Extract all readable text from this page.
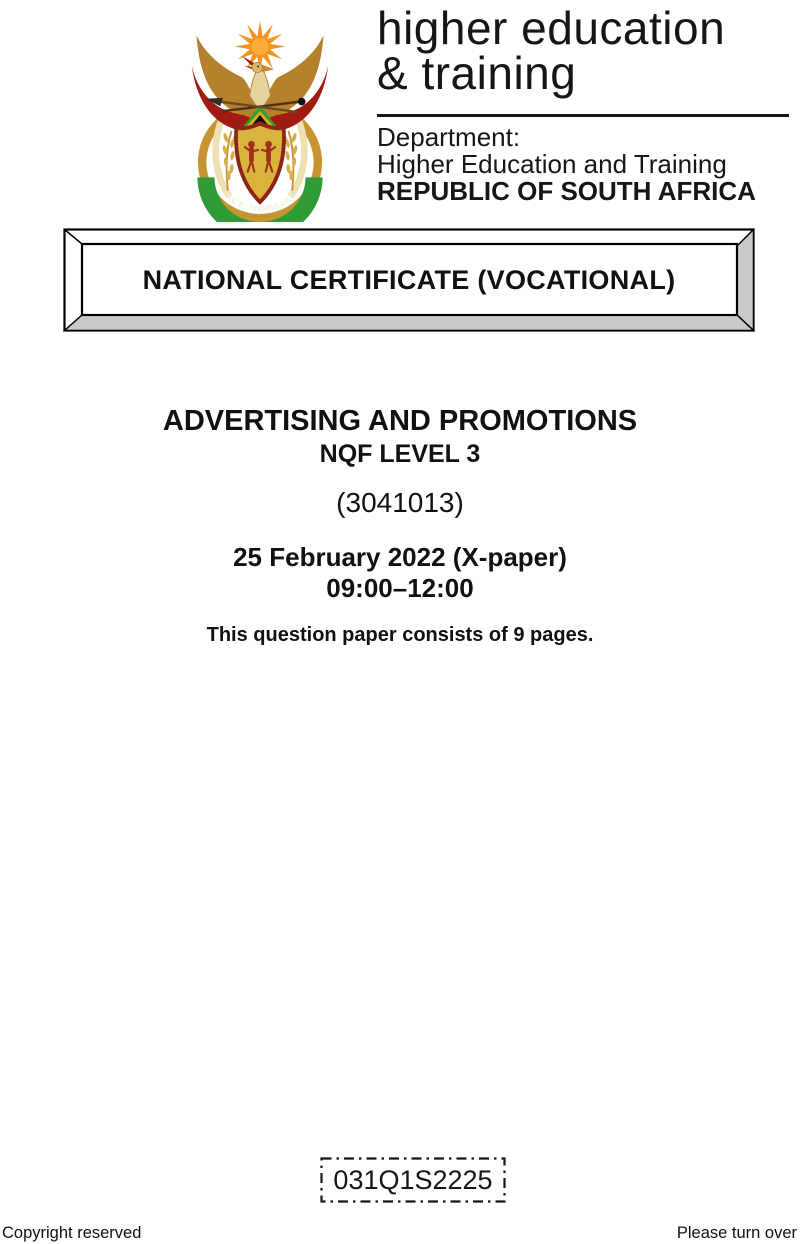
!KE E: /XARRA //KE
higher education
& training
Department:
Higher Education and Training
REPUBLIC OF SOUTH AFRICA
NATIONAL CERTIFICATE (VOCATIONAL)
ADVERTISING AND PROMOTIONS
NQF LEVEL 3
(3041013)
25 February 2022 (X-paper)
09:00–12:00
This question paper consists of 9 pages.
031Q1S2225
Copyright reserved	Please turn over
